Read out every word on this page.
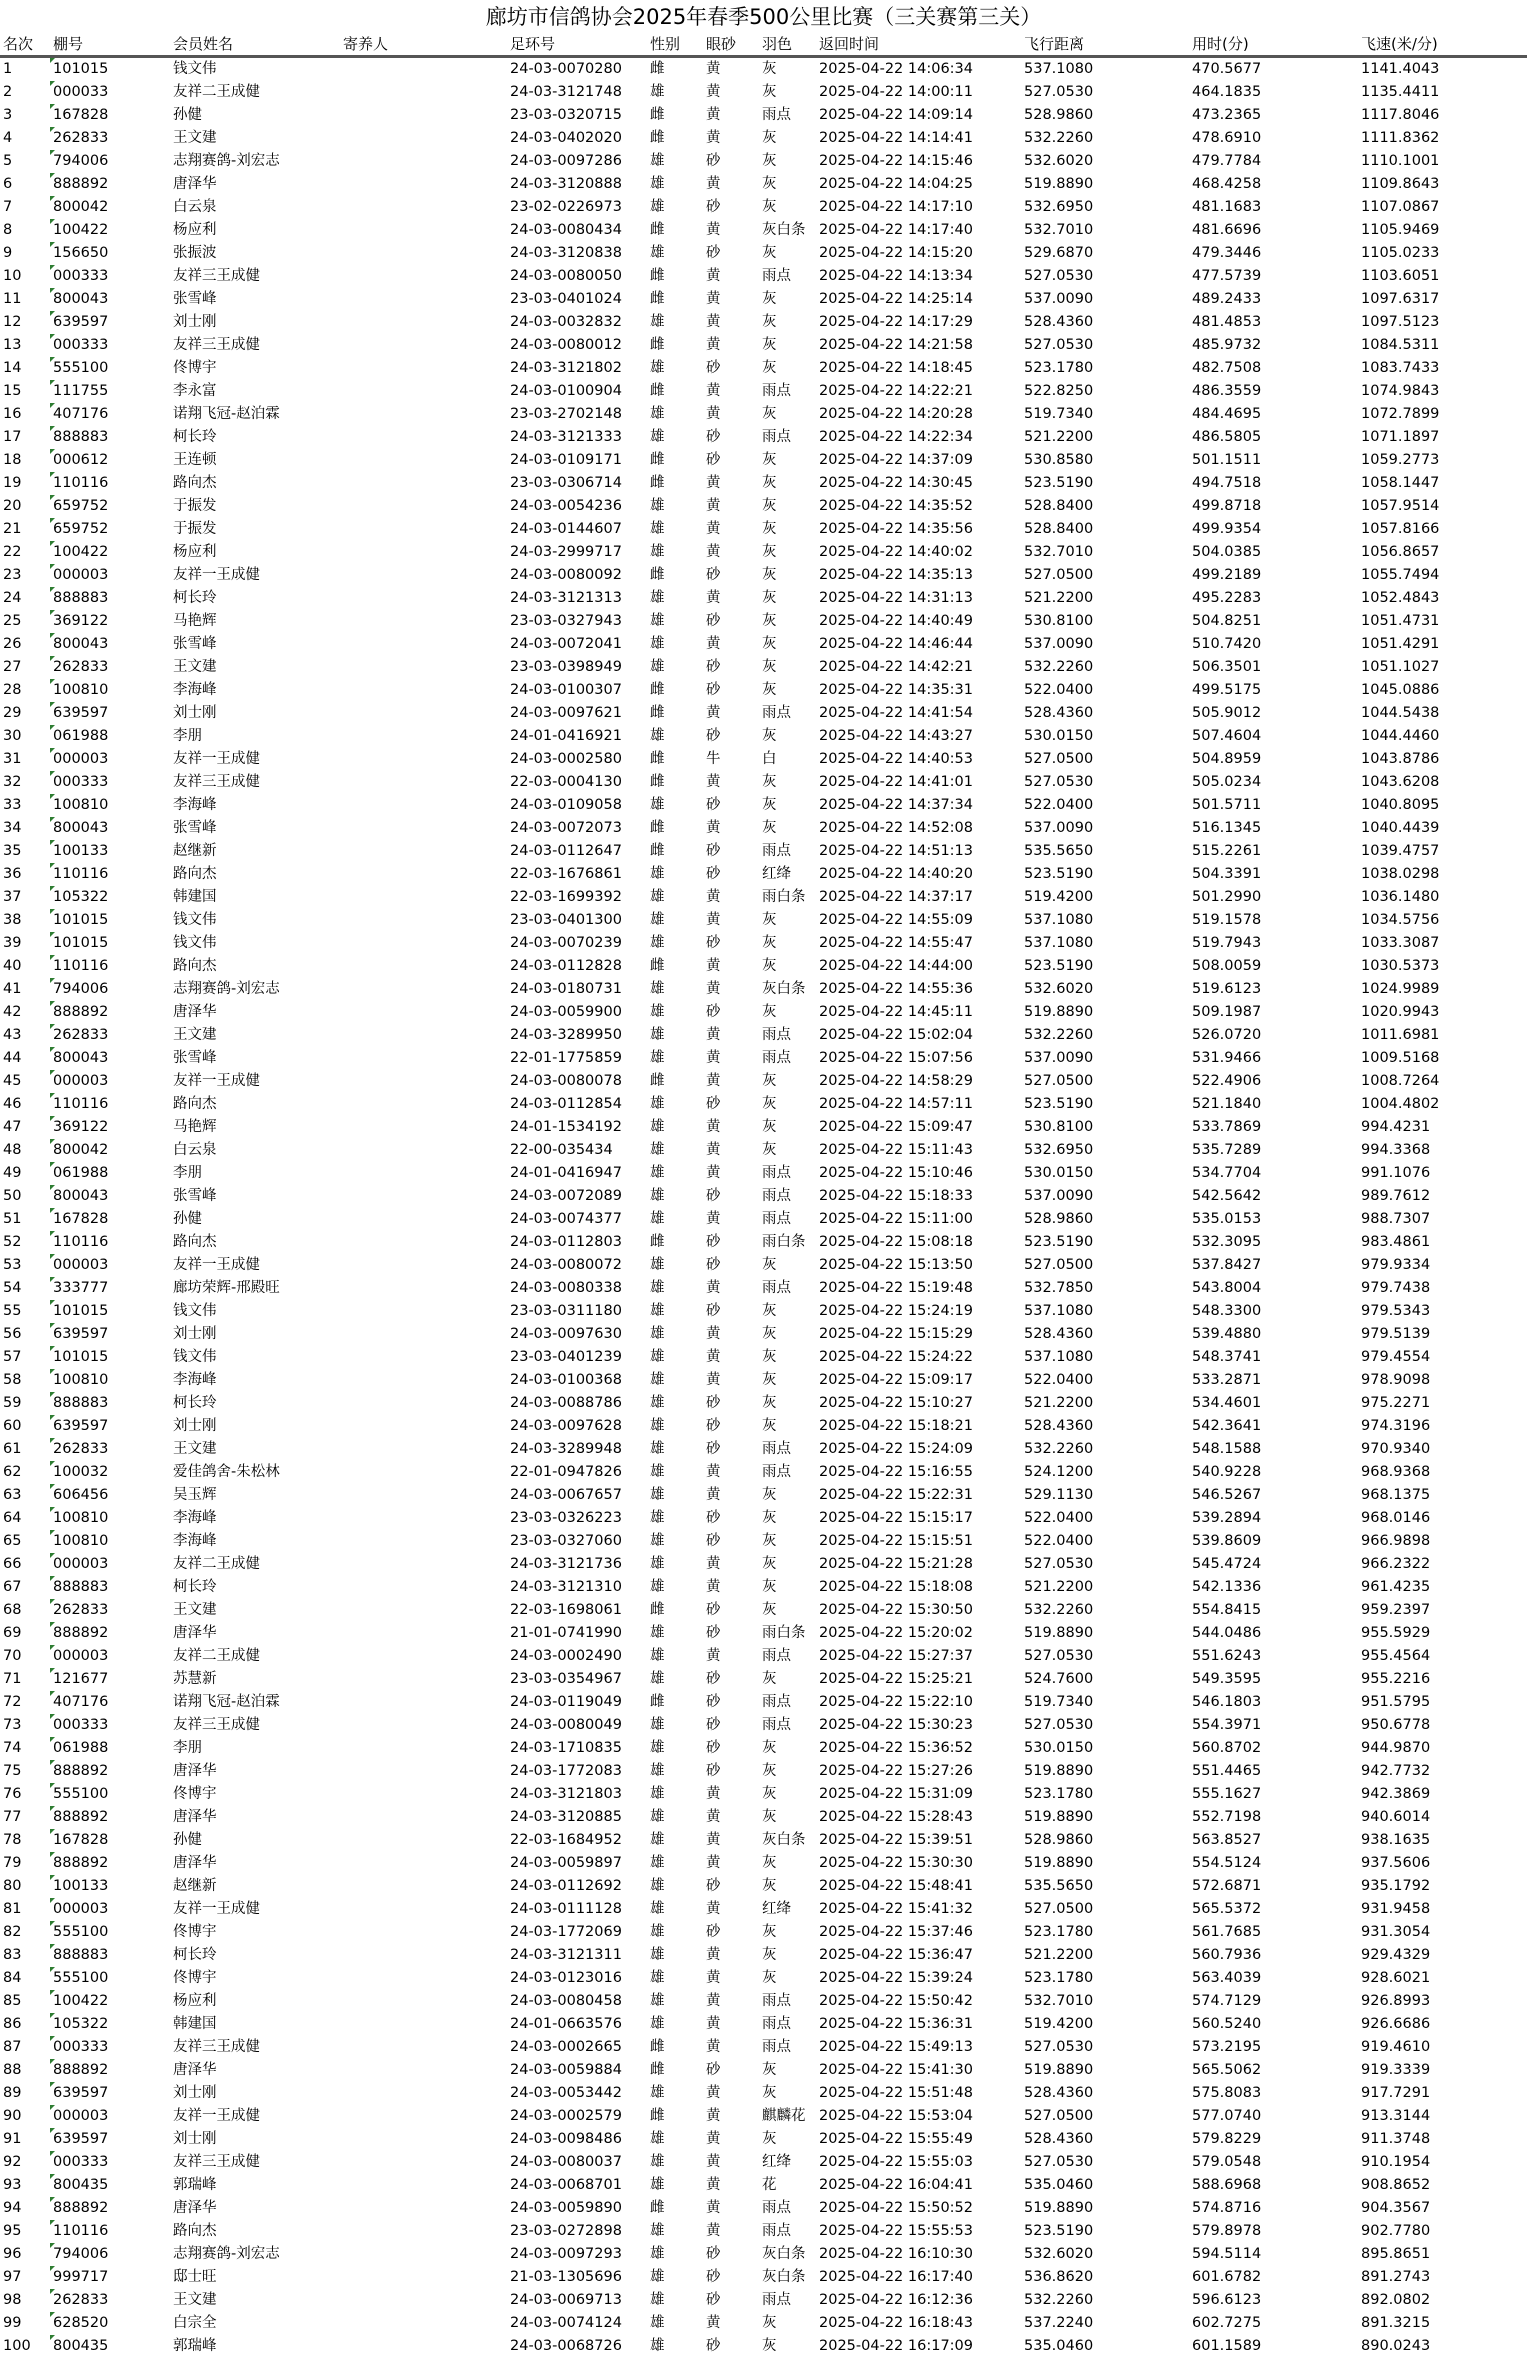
廊坊市信鸽协会2025年春季500公里比赛（三关赛第三关）
名次	棚号	会员姓名	寄养人	足环号	性别	眼砂	羽色	返回时间	飞行距离	用时(分)	飞速(米/分)
1	101015	钱文伟		24-03-0070280	雌	黄	灰	2025-04-22 14:06:34	537.1080	470.5677	1141.4043
2	000033	友祥二王成健		24-03-3121748	雄	黄	灰	2025-04-22 14:00:11	527.0530	464.1835	1135.4411
3	167828	孙健		23-03-0320715	雌	黄	雨点	2025-04-22 14:09:14	528.9860	473.2365	1117.8046
4	262833	王文建		24-03-0402020	雌	黄	灰	2025-04-22 14:14:41	532.2260	478.6910	1111.8362
5	794006	志翔赛鸽-刘宏志		24-03-0097286	雄	砂	灰	2025-04-22 14:15:46	532.6020	479.7784	1110.1001
6	888892	唐泽华		24-03-3120888	雄	黄	灰	2025-04-22 14:04:25	519.8890	468.4258	1109.8643
7	800042	白云泉		23-02-0226973	雄	砂	灰	2025-04-22 14:17:10	532.6950	481.1683	1107.0867
8	100422	杨应利		24-03-0080434	雌	黄	灰白条	2025-04-22 14:17:40	532.7010	481.6696	1105.9469
9	156650	张振波		24-03-3120838	雄	砂	灰	2025-04-22 14:15:20	529.6870	479.3446	1105.0233
10	000333	友祥三王成健		24-03-0080050	雌	黄	雨点	2025-04-22 14:13:34	527.0530	477.5739	1103.6051
11	800043	张雪峰		23-03-0401024	雌	黄	灰	2025-04-22 14:25:14	537.0090	489.2433	1097.6317
12	639597	刘士刚		24-03-0032832	雄	黄	灰	2025-04-22 14:17:29	528.4360	481.4853	1097.5123
13	000333	友祥三王成健		24-03-0080012	雌	黄	灰	2025-04-22 14:21:58	527.0530	485.9732	1084.5311
14	555100	佟博宇		24-03-3121802	雄	砂	灰	2025-04-22 14:18:45	523.1780	482.7508	1083.7433
15	111755	李永富		24-03-0100904	雌	黄	雨点	2025-04-22 14:22:21	522.8250	486.3559	1074.9843
16	407176	诺翔飞冠-赵泊霖		23-03-2702148	雄	黄	灰	2025-04-22 14:20:28	519.7340	484.4695	1072.7899
17	888883	柯长玲		24-03-3121333	雄	砂	雨点	2025-04-22 14:22:34	521.2200	486.5805	1071.1897
18	000612	王连顿		24-03-0109171	雌	砂	灰	2025-04-22 14:37:09	530.8580	501.1511	1059.2773
19	110116	路向杰		23-03-0306714	雌	黄	灰	2025-04-22 14:30:45	523.5190	494.7518	1058.1447
20	659752	于振发		24-03-0054236	雄	黄	灰	2025-04-22 14:35:52	528.8400	499.8718	1057.9514
21	659752	于振发		24-03-0144607	雄	黄	灰	2025-04-22 14:35:56	528.8400	499.9354	1057.8166
22	100422	杨应利		24-03-2999717	雄	黄	灰	2025-04-22 14:40:02	532.7010	504.0385	1056.8657
23	000003	友祥一王成健		24-03-0080092	雌	砂	灰	2025-04-22 14:35:13	527.0500	499.2189	1055.7494
24	888883	柯长玲		24-03-3121313	雄	黄	灰	2025-04-22 14:31:13	521.2200	495.2283	1052.4843
25	369122	马艳辉		23-03-0327943	雄	砂	灰	2025-04-22 14:40:49	530.8100	504.8251	1051.4731
26	800043	张雪峰		24-03-0072041	雄	黄	灰	2025-04-22 14:46:44	537.0090	510.7420	1051.4291
27	262833	王文建		23-03-0398949	雄	砂	灰	2025-04-22 14:42:21	532.2260	506.3501	1051.1027
28	100810	李海峰		24-03-0100307	雌	砂	灰	2025-04-22 14:35:31	522.0400	499.5175	1045.0886
29	639597	刘士刚		24-03-0097621	雌	黄	雨点	2025-04-22 14:41:54	528.4360	505.9012	1044.5438
30	061988	李朋		24-01-0416921	雄	砂	灰	2025-04-22 14:43:27	530.0150	507.4604	1044.4460
31	000003	友祥一王成健		24-03-0002580	雌	牛	白	2025-04-22 14:40:53	527.0500	504.8959	1043.8786
32	000333	友祥三王成健		22-03-0004130	雌	黄	灰	2025-04-22 14:41:01	527.0530	505.0234	1043.6208
33	100810	李海峰		24-03-0109058	雄	砂	灰	2025-04-22 14:37:34	522.0400	501.5711	1040.8095
34	800043	张雪峰		24-03-0072073	雌	黄	灰	2025-04-22 14:52:08	537.0090	516.1345	1040.4439
35	100133	赵继新		24-03-0112647	雌	砂	雨点	2025-04-22 14:51:13	535.5650	515.2261	1039.4757
36	110116	路向杰		22-03-1676861	雄	砂	红绛	2025-04-22 14:40:20	523.5190	504.3391	1038.0298
37	105322	韩建国		22-03-1699392	雄	黄	雨白条	2025-04-22 14:37:17	519.4200	501.2990	1036.1480
38	101015	钱文伟		23-03-0401300	雄	黄	灰	2025-04-22 14:55:09	537.1080	519.1578	1034.5756
39	101015	钱文伟		24-03-0070239	雄	砂	灰	2025-04-22 14:55:47	537.1080	519.7943	1033.3087
40	110116	路向杰		24-03-0112828	雌	黄	灰	2025-04-22 14:44:00	523.5190	508.0059	1030.5373
41	794006	志翔赛鸽-刘宏志		24-03-0180731	雄	黄	灰白条	2025-04-22 14:55:36	532.6020	519.6123	1024.9989
42	888892	唐泽华		24-03-0059900	雄	砂	灰	2025-04-22 14:45:11	519.8890	509.1987	1020.9943
43	262833	王文建		24-03-3289950	雄	黄	雨点	2025-04-22 15:02:04	532.2260	526.0720	1011.6981
44	800043	张雪峰		22-01-1775859	雄	黄	雨点	2025-04-22 15:07:56	537.0090	531.9466	1009.5168
45	000003	友祥一王成健		24-03-0080078	雌	黄	灰	2025-04-22 14:58:29	527.0500	522.4906	1008.7264
46	110116	路向杰		24-03-0112854	雄	砂	灰	2025-04-22 14:57:11	523.5190	521.1840	1004.4802
47	369122	马艳辉		24-01-1534192	雄	黄	灰	2025-04-22 15:09:47	530.8100	533.7869	994.4231
48	800042	白云泉		22-00-035434	雄	黄	灰	2025-04-22 15:11:43	532.6950	535.7289	994.3368
49	061988	李朋		24-01-0416947	雄	黄	雨点	2025-04-22 15:10:46	530.0150	534.7704	991.1076
50	800043	张雪峰		24-03-0072089	雄	砂	雨点	2025-04-22 15:18:33	537.0090	542.5642	989.7612
51	167828	孙健		24-03-0074377	雄	黄	雨点	2025-04-22 15:11:00	528.9860	535.0153	988.7307
52	110116	路向杰		24-03-0112803	雌	砂	雨白条	2025-04-22 15:08:18	523.5190	532.3095	983.4861
53	000003	友祥一王成健		24-03-0080072	雄	砂	灰	2025-04-22 15:13:50	527.0500	537.8427	979.9334
54	333777	廊坊荣辉-邢殿旺		24-03-0080338	雄	黄	雨点	2025-04-22 15:19:48	532.7850	543.8004	979.7438
55	101015	钱文伟		23-03-0311180	雄	砂	灰	2025-04-22 15:24:19	537.1080	548.3300	979.5343
56	639597	刘士刚		24-03-0097630	雄	黄	灰	2025-04-22 15:15:29	528.4360	539.4880	979.5139
57	101015	钱文伟		23-03-0401239	雄	黄	灰	2025-04-22 15:24:22	537.1080	548.3741	979.4554
58	100810	李海峰		24-03-0100368	雄	黄	灰	2025-04-22 15:09:17	522.0400	533.2871	978.9098
59	888883	柯长玲		24-03-0088786	雄	砂	灰	2025-04-22 15:10:27	521.2200	534.4601	975.2271
60	639597	刘士刚		24-03-0097628	雄	砂	灰	2025-04-22 15:18:21	528.4360	542.3641	974.3196
61	262833	王文建		24-03-3289948	雄	砂	雨点	2025-04-22 15:24:09	532.2260	548.1588	970.9340
62	100032	爱佳鸽舍-朱松林		22-01-0947826	雄	黄	雨点	2025-04-22 15:16:55	524.1200	540.9228	968.9368
63	606456	吴玉辉		24-03-0067657	雄	黄	灰	2025-04-22 15:22:31	529.1130	546.5267	968.1375
64	100810	李海峰		23-03-0326223	雄	砂	灰	2025-04-22 15:15:17	522.0400	539.2894	968.0146
65	100810	李海峰		23-03-0327060	雄	砂	灰	2025-04-22 15:15:51	522.0400	539.8609	966.9898
66	000003	友祥二王成健		24-03-3121736	雄	黄	灰	2025-04-22 15:21:28	527.0530	545.4724	966.2322
67	888883	柯长玲		24-03-3121310	雄	黄	灰	2025-04-22 15:18:08	521.2200	542.1336	961.4235
68	262833	王文建		22-03-1698061	雌	砂	灰	2025-04-22 15:30:50	532.2260	554.8415	959.2397
69	888892	唐泽华		21-01-0741990	雄	砂	雨白条	2025-04-22 15:20:02	519.8890	544.0486	955.5929
70	000003	友祥二王成健		24-03-0002490	雄	黄	雨点	2025-04-22 15:27:37	527.0530	551.6243	955.4564
71	121677	苏慧新		23-03-0354967	雄	砂	灰	2025-04-22 15:25:21	524.7600	549.3595	955.2216
72	407176	诺翔飞冠-赵泊霖		24-03-0119049	雌	砂	雨点	2025-04-22 15:22:10	519.7340	546.1803	951.5795
73	000333	友祥三王成健		24-03-0080049	雄	砂	雨点	2025-04-22 15:30:23	527.0530	554.3971	950.6778
74	061988	李朋		24-03-1710835	雄	砂	灰	2025-04-22 15:36:52	530.0150	560.8702	944.9870
75	888892	唐泽华		24-03-1772083	雄	砂	灰	2025-04-22 15:27:26	519.8890	551.4465	942.7732
76	555100	佟博宇		24-03-3121803	雄	黄	灰	2025-04-22 15:31:09	523.1780	555.1627	942.3869
77	888892	唐泽华		24-03-3120885	雄	黄	灰	2025-04-22 15:28:43	519.8890	552.7198	940.6014
78	167828	孙健		22-03-1684952	雄	黄	灰白条	2025-04-22 15:39:51	528.9860	563.8527	938.1635
79	888892	唐泽华		24-03-0059897	雄	黄	灰	2025-04-22 15:30:30	519.8890	554.5124	937.5606
80	100133	赵继新		24-03-0112692	雄	砂	灰	2025-04-22 15:48:41	535.5650	572.6871	935.1792
81	000003	友祥一王成健		24-03-0111128	雄	黄	红绛	2025-04-22 15:41:32	527.0500	565.5372	931.9458
82	555100	佟博宇		24-03-1772069	雄	砂	灰	2025-04-22 15:37:46	523.1780	561.7685	931.3054
83	888883	柯长玲		24-03-3121311	雄	黄	灰	2025-04-22 15:36:47	521.2200	560.7936	929.4329
84	555100	佟博宇		24-03-0123016	雄	黄	灰	2025-04-22 15:39:24	523.1780	563.4039	928.6021
85	100422	杨应利		24-03-0080458	雄	黄	雨点	2025-04-22 15:50:42	532.7010	574.7129	926.8993
86	105322	韩建国		24-01-0663576	雄	黄	雨点	2025-04-22 15:36:31	519.4200	560.5240	926.6686
87	000333	友祥三王成健		24-03-0002665	雌	黄	雨点	2025-04-22 15:49:13	527.0530	573.2195	919.4610
88	888892	唐泽华		24-03-0059884	雌	砂	灰	2025-04-22 15:41:30	519.8890	565.5062	919.3339
89	639597	刘士刚		24-03-0053442	雄	黄	灰	2025-04-22 15:51:48	528.4360	575.8083	917.7291
90	000003	友祥一王成健		24-03-0002579	雌	黄	麒麟花	2025-04-22 15:53:04	527.0500	577.0740	913.3144
91	639597	刘士刚		24-03-0098486	雄	黄	灰	2025-04-22 15:55:49	528.4360	579.8229	911.3748
92	000333	友祥三王成健		24-03-0080037	雄	黄	红绛	2025-04-22 15:55:03	527.0530	579.0548	910.1954
93	800435	郭瑞峰		24-03-0068701	雄	黄	花	2025-04-22 16:04:41	535.0460	588.6968	908.8652
94	888892	唐泽华		24-03-0059890	雌	黄	雨点	2025-04-22 15:50:52	519.8890	574.8716	904.3567
95	110116	路向杰		23-03-0272898	雄	黄	雨点	2025-04-22 15:55:53	523.5190	579.8978	902.7780
96	794006	志翔赛鸽-刘宏志		24-03-0097293	雄	砂	灰白条	2025-04-22 16:10:30	532.6020	594.5114	895.8651
97	999717	邸士旺		21-03-1305696	雄	砂	灰白条	2025-04-22 16:17:40	536.8620	601.6782	891.2743
98	262833	王文建		24-03-0069713	雄	砂	雨点	2025-04-22 16:12:36	532.2260	596.6123	892.0802
99	628520	白宗全		24-03-0074124	雄	黄	灰	2025-04-22 16:18:43	537.2240	602.7275	891.3215
100	800435	郭瑞峰		24-03-0068726	雄	砂	灰	2025-04-22 16:17:09	535.0460	601.1589	890.0243
